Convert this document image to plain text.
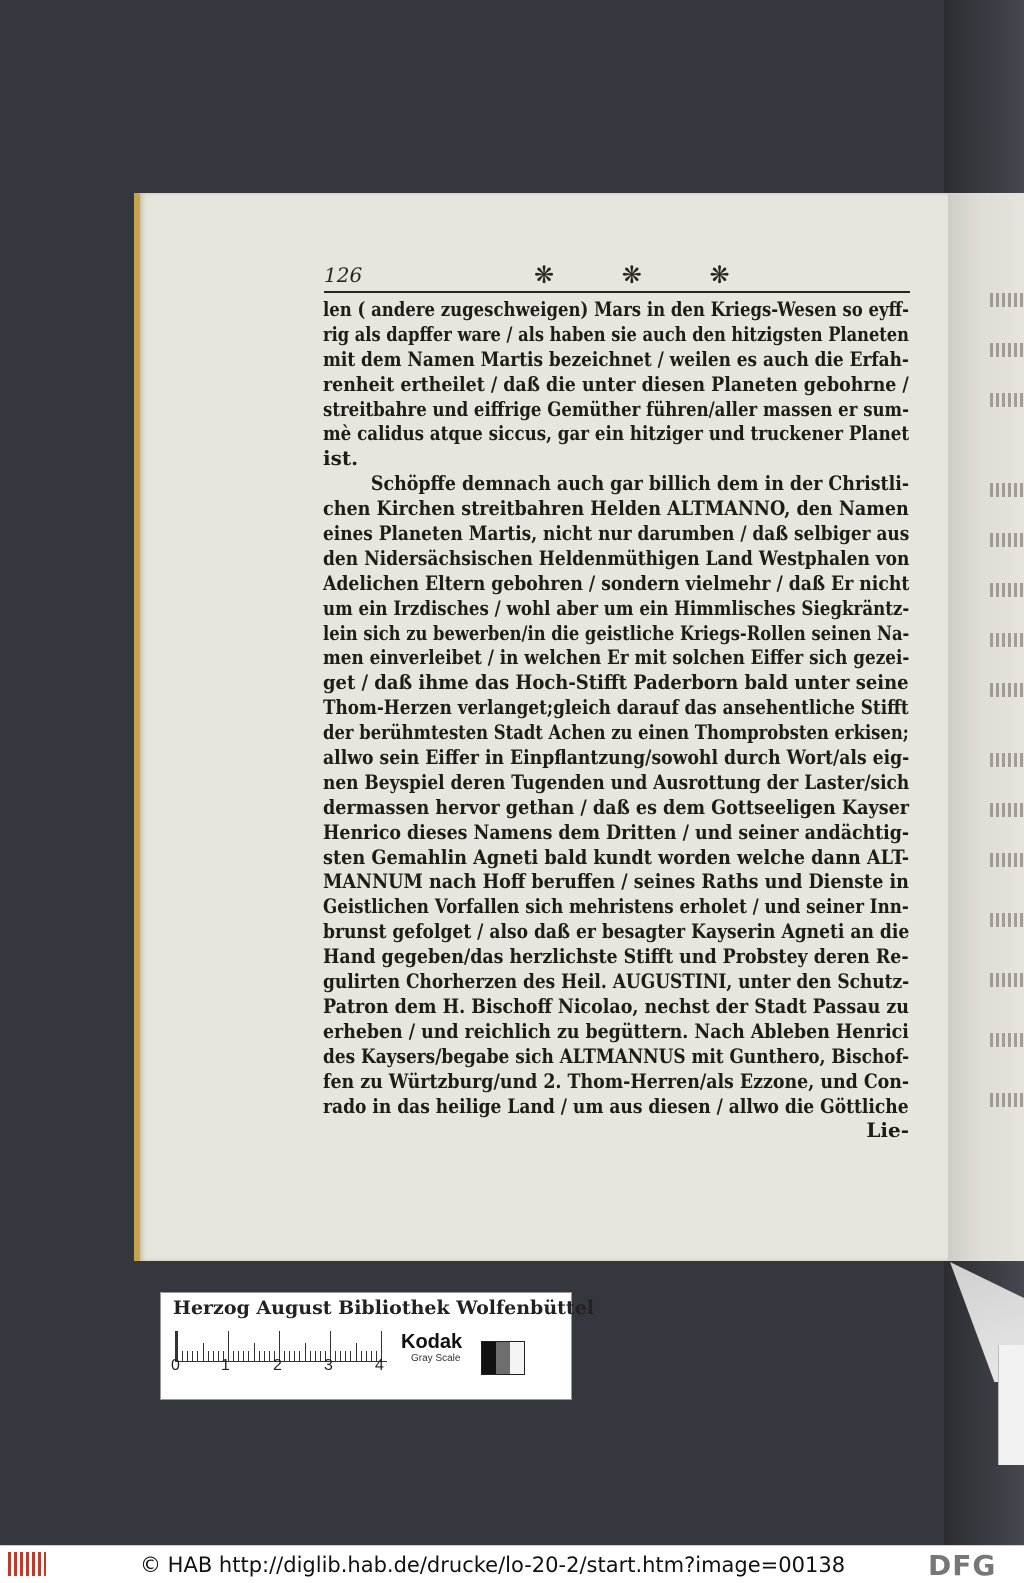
126	❋ ❋ ❋
len ( andere zugeschweigen) Mars in den Kriegs-Wesen so eyff-
rig als dapffer ware / als haben sie auch den hitzigsten Planeten
mit dem Namen Martis bezeichnet / weilen es auch die Erfah-
renheit ertheilet / daß die unter diesen Planeten gebohrne /
streitbahre und eiffrige Gemüther führen/aller massen er sum-
mè calidus atque siccus, gar ein hitziger und truckener Planet
ist.
Schöpffe demnach auch gar billich dem in der Christli-
chen Kirchen streitbahren Helden ALTMANNO, den Namen
eines Planeten Martis, nicht nur darumben / daß selbiger aus
den Nidersächsischen Heldenmüthigen Land Westphalen von
Adelichen Eltern gebohren / sondern vielmehr / daß Er nicht
um ein Irzdisches / wohl aber um ein Himmlisches Siegkräntz-
lein sich zu bewerben/in die geistliche Kriegs-Rollen seinen Na-
men einverleibet / in welchen Er mit solchen Eiffer sich gezei-
get / daß ihme das Hoch-Stifft Paderborn bald unter seine
Thom-Herzen verlanget;gleich darauf das ansehentliche Stifft
der berühmtesten Stadt Achen zu einen Thomprobsten erkisen;
allwo sein Eiffer in Einpflantzung/sowohl durch Wort/als eig-
nen Beyspiel deren Tugenden und Ausrottung der Laster/sich
dermassen hervor gethan / daß es dem Gottseeligen Kayser
Henrico dieses Namens dem Dritten / und seiner andächtig-
sten Gemahlin Agneti bald kundt worden welche dann ALT-
MANNUM nach Hoff beruffen / seines Raths und Dienste in
Geistlichen Vorfallen sich mehristens erholet / und seiner Inn-
brunst gefolget / also daß er besagter Kayserin Agneti an die
Hand gegeben/das herzlichste Stifft und Probstey deren Re-
gulirten Chorherzen des Heil. AUGUSTINI, unter den Schutz-
Patron dem H. Bischoff Nicolao, nechst der Stadt Passau zu
erheben / und reichlich zu begüttern. Nach Ableben Henrici
des Kaysers/begabe sich ALTMANNUS mit Gunthero, Bischof-
fen zu Würtzburg/und 2. Thom-Herren/als Ezzone, und Con-
rado in das heilige Land / um aus diesen / allwo die Göttliche
Lie-
Herzog August Bibliothek Wolfenbüttel
0	1	2	3	4
Kodak
Gray Scale
© HAB http://diglib.hab.de/drucke/lo-20-2/start.htm?image=00138	DFG
